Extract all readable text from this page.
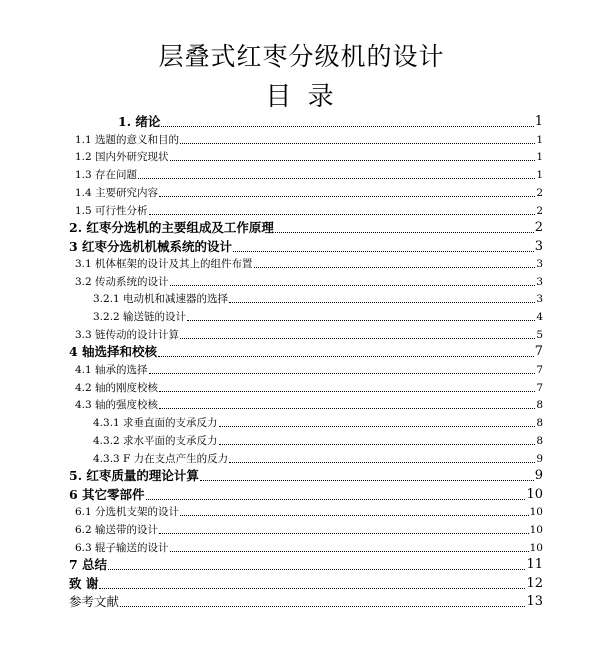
层叠式红枣分级机的设计
目 录
1. 绪论	1
1.1 选题的意义和目的	1
1.2 国内外研究现状	1
1.3 存在问题	1
1.4 主要研究内容	2
1.5 可行性分析	2
2. 红枣分选机的主要组成及工作原理	2
3 红枣分选机机械系统的设计	3
3.1 机体框架的设计及其上的组件布置	3
3.2 传动系统的设计	3
3.2.1 电动机和减速器的选择	3
3.2.2 输送链的设计	4
3.3 链传动的设计计算	5
4 轴选择和校核	7
4.1 轴承的选择	7
4.2 轴的刚度校核	7
4.3 轴的强度校核	8
4.3.1 求垂直面的支承反力	8
4.3.2 求水平面的支承反力	8
4.3.3 F 力在支点产生的反力	9
5. 红枣质量的理论计算	9
6 其它零部件	10
6.1 分选机支架的设计	10
6.2 输送带的设计	10
6.3 辊子输送的设计	10
7 总结	11
致 谢	12
参考文献	13
